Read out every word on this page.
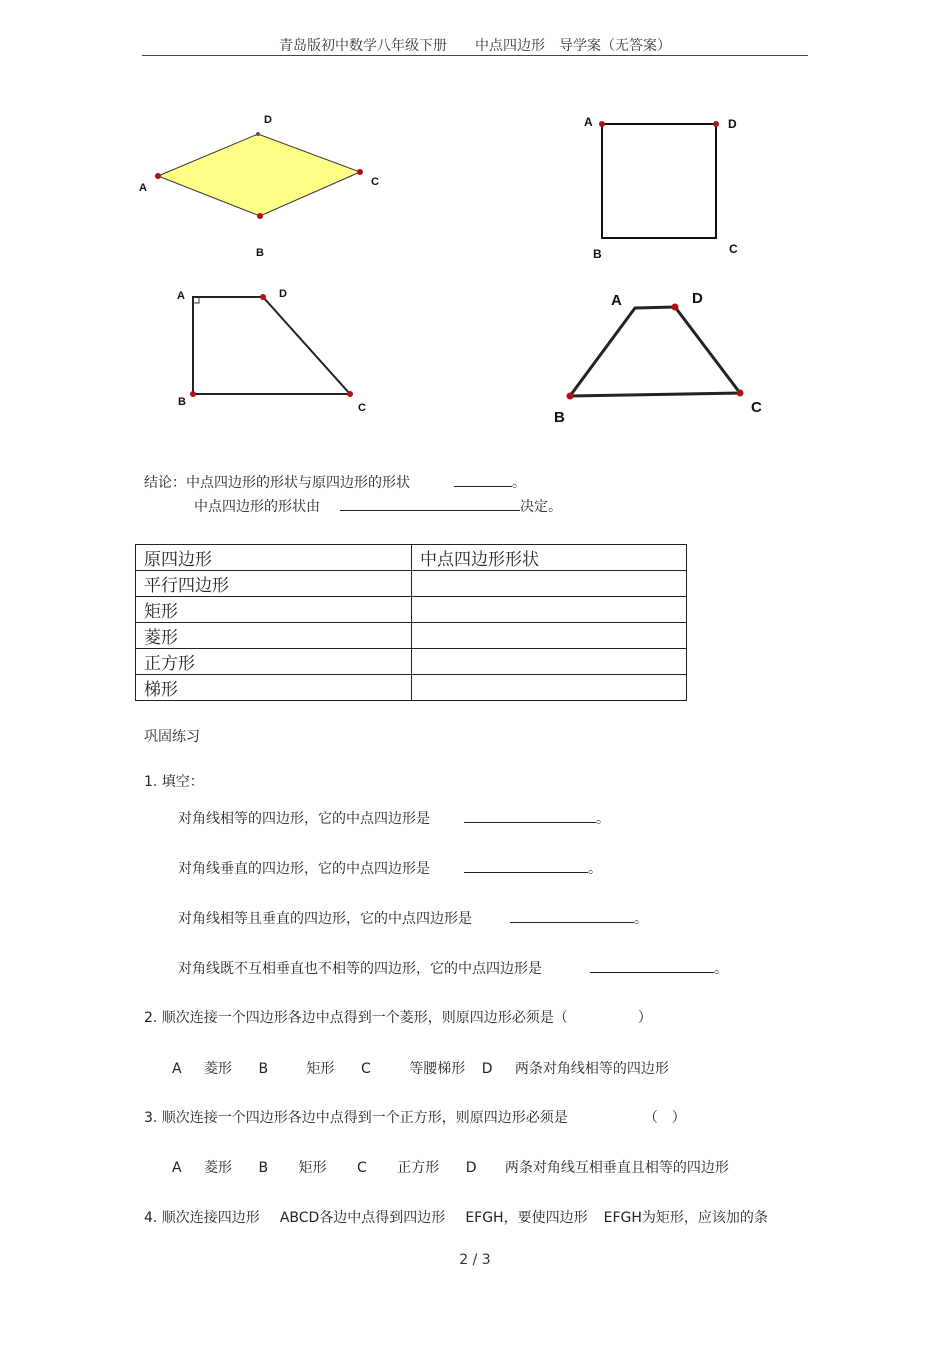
青岛版初中数学八年级下册　　中点四边形　导学案（无答案）
A
B
C
D	A
B	C
D
A
B	C
D	A
B
C
D
结论：中点四边形的形状与原四边形的形状	。
中点四边形的形状由	决定。
原四边形	中点四边形形状
平行四边形	
矩形	
菱形	
正方形	
梯形	
巩固练习
1. 填空：
对角线相等的四边形，它的中点四边形是	。
对角线垂直的四边形，它的中点四边形是	。
对角线相等且垂直的四边形，它的中点四边形是	。
对角线既不互相垂直也不相等的四边形，它的中点四边形是	。
2. 顺次连接一个四边形各边中点得到一个菱形，则原四边形必须是（	）
A 菱形 B	矩形 C	等腰梯形 D 两条对角线相等的四边形
3. 顺次连接一个四边形各边中点得到一个正方形，则原四边形必须是	（　）
A 菱形 B 矩形 C 正方形 D 两条对角线互相垂直且相等的四边形
4. 顺次连接四边形 ABCD各边中点得到四边形 EFGH，要使四边形 EFGH为矩形，应该加的条
2 / 3
